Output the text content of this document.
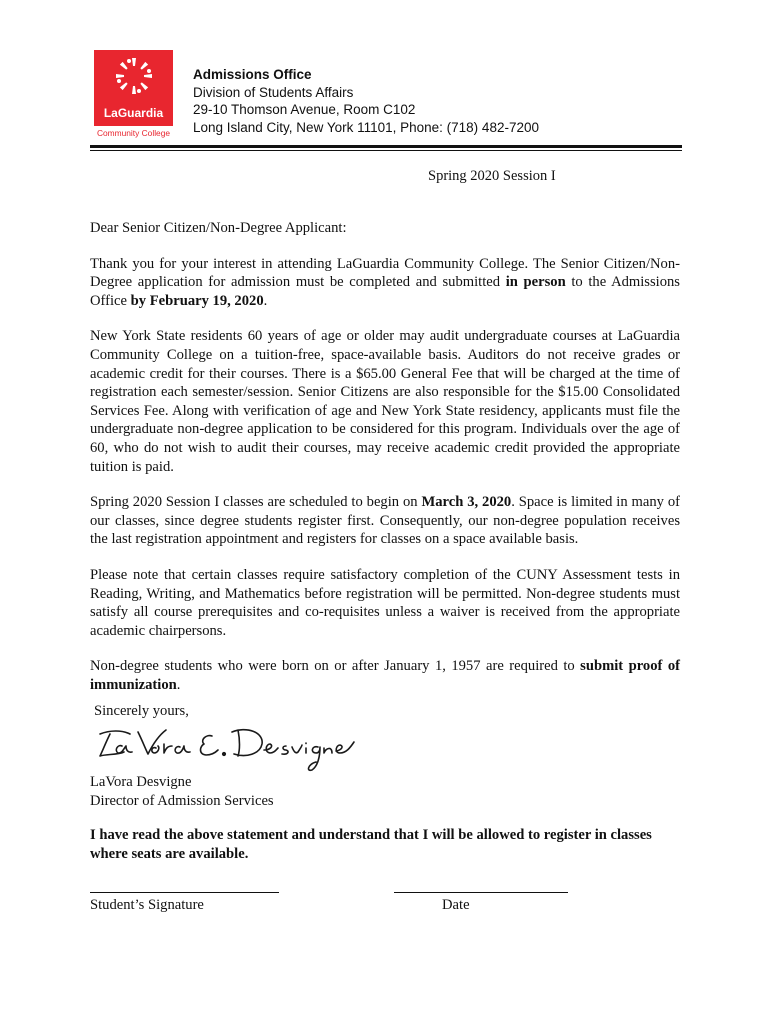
LaGuardia
Community College
Admissions Office
Division of Students Affairs
29-10 Thomson Avenue, Room C102
Long Island City, New York 11101, Phone: (718) 482-7200
Spring 2020 Session I

Dear Senior Citizen/Non-Degree Applicant:

Thank you for your interest in attending LaGuardia Community College. The Senior Citizen/Non-Degree application for admission must be completed and submitted in person to the Admissions Office by February 19, 2020.

New York State residents 60 years of age or older may audit undergraduate courses at LaGuardia Community College on a tuition-free, space-available basis. Auditors do not receive grades or academic credit for their courses. There is a $65.00 General Fee that will be charged at the time of registration each semester/session. Senior Citizens are also responsible for the $15.00 Consolidated Services Fee. Along with verification of age and New York State residency, applicants must file the undergraduate non-degree application to be considered for this program. Individuals over the age of 60, who do not wish to audit their courses, may receive academic credit provided the appropriate tuition is paid.

Spring 2020 Session I classes are scheduled to begin on March 3, 2020. Space is limited in many of our classes, since degree students register first. Consequently, our non-degree population receives the last registration appointment and registers for classes on a space available basis.

Please note that certain classes require satisfactory completion of the CUNY Assessment tests in Reading, Writing, and Mathematics before registration will be permitted. Non-degree students must satisfy all course prerequisites and co-requisites unless a waiver is received from the appropriate academic chairpersons.

Non-degree students who were born on or after January 1, 1957 are required to submit proof of immunization.

Sincerely yours,
LaVora Desvigne
Director of Admission Services
I have read the above statement and understand that I will be allowed to register in classes where seats are available.
Student’s Signature	Date
